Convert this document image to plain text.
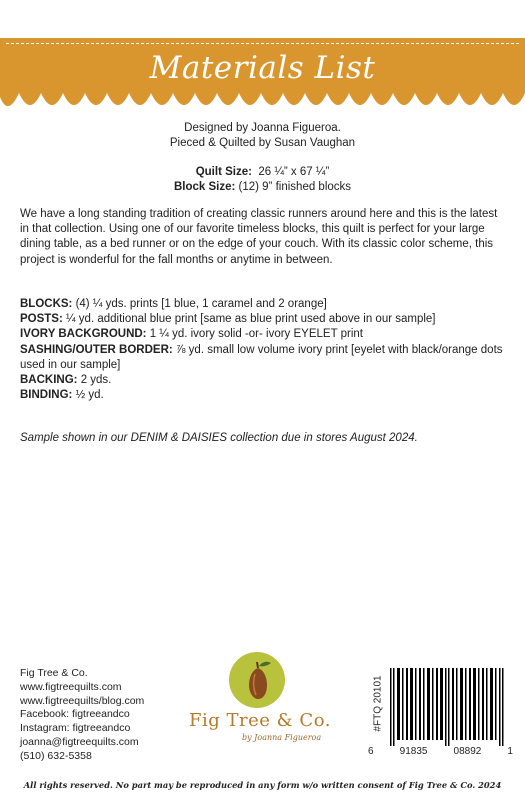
Materials List
Designed by Joanna Figueroa.
Pieced & Quilted by Susan Vaughan
Quilt Size: 26 ¼” x 67 ¼”
Block Size: (12) 9” finished blocks
We have a long standing tradition of creating classic runners around here and this is the latest in that collection. Using one of our favorite timeless blocks, this quilt is perfect for your large dining table, as a bed runner or on the edge of your couch. With its classic color scheme, this project is wonderful for the fall months or anytime in between.
BLOCKS: (4) ¼ yds. prints [1 blue, 1 caramel and 2 orange]
POSTS: ¼ yd. additional blue print [same as blue print used above in our sample]
IVORY BACKGROUND: 1 ¼ yd. ivory solid -or- ivory EYELET print
SASHING/OUTER BORDER: ⅞ yd. small low volume ivory print [eyelet with black/orange dots used in our sample]
BACKING: 2 yds.
BINDING: ½ yd.
Sample shown in our DENIM & DAISIES collection due in stores August 2024.
Fig Tree & Co.
www.figtreequilts.com
www.figtreequilts/blog.com
Facebook: figtreeandco
Instagram: figtreeandco
joanna@figtreequilts.com
(510) 632-5358
Fig Tree & Co.
by Joanna Figueroa
#FTQ 20101
6	91835	08892	1
All rights reserved. No part may be reproduced in any form w/o written consent of Fig Tree & Co. 2024
